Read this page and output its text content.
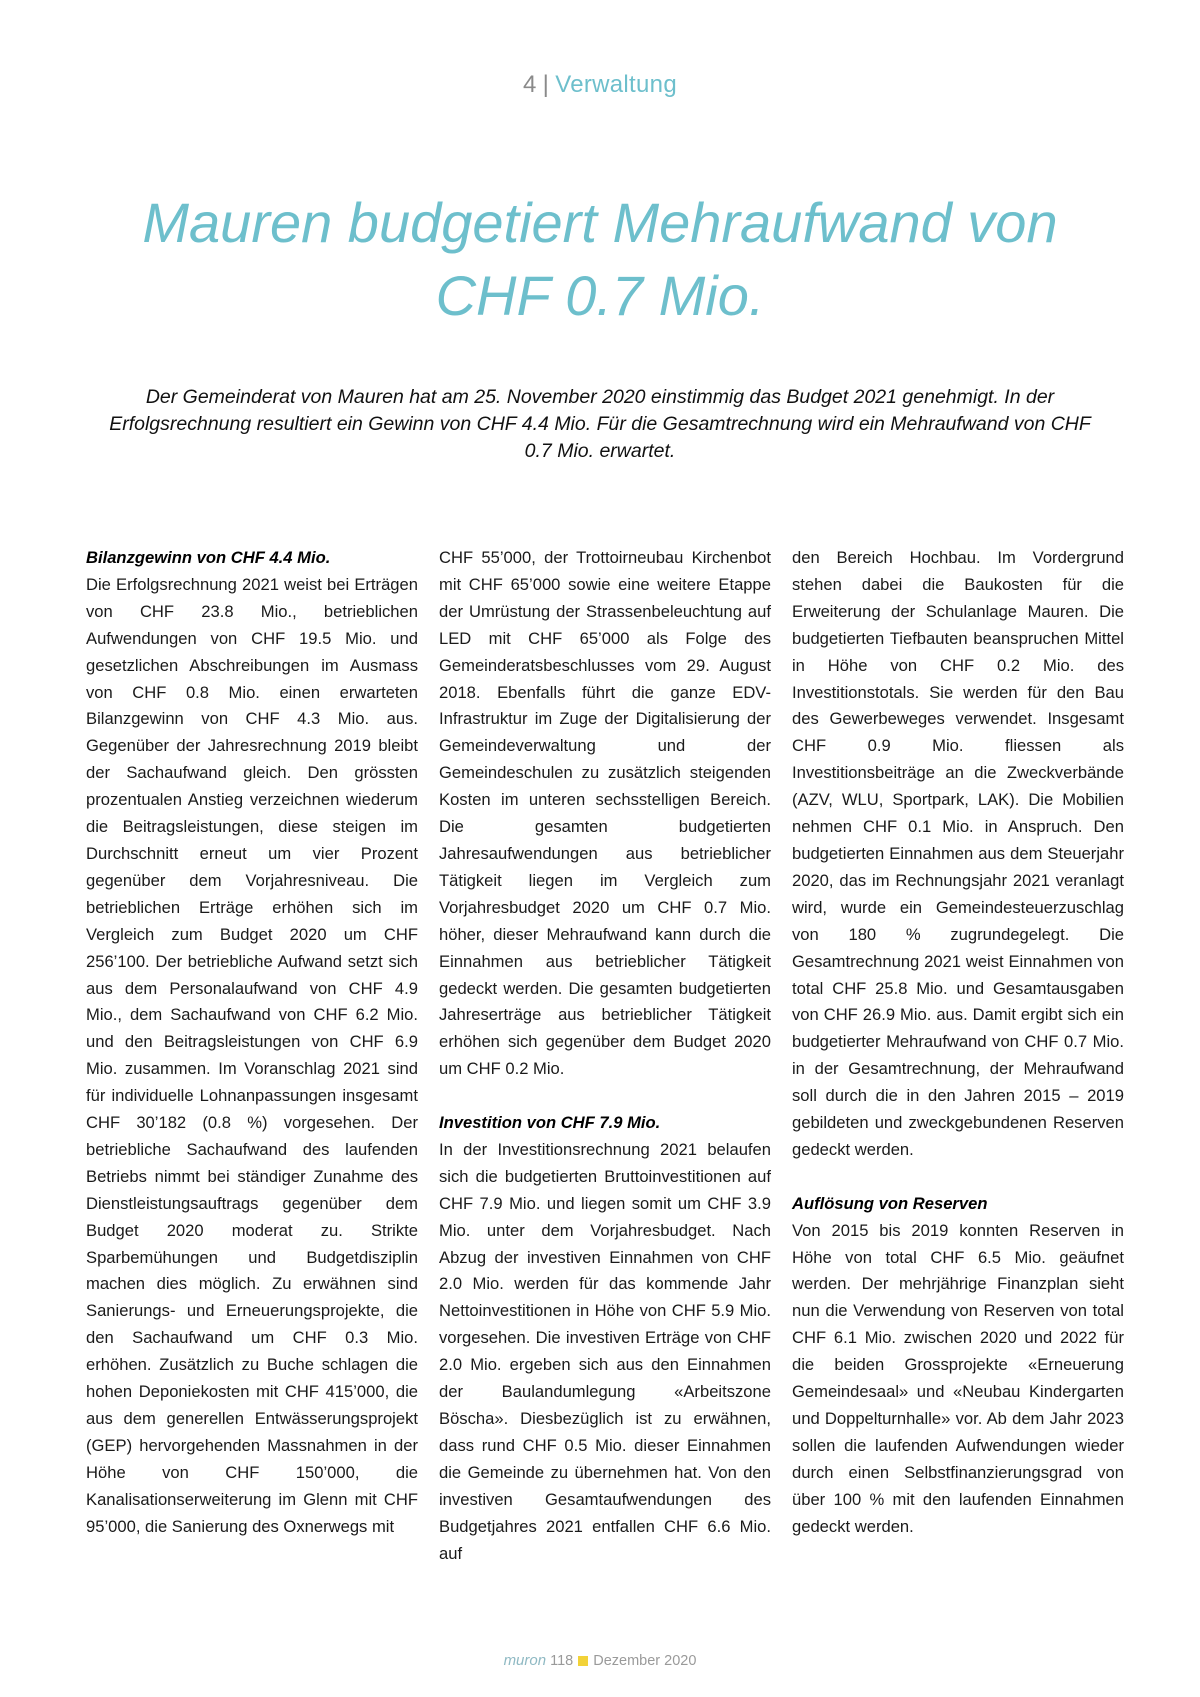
4 | Verwaltung
Mauren budgetiert Mehraufwand von CHF 0.7 Mio.

Der Gemeinderat von Mauren hat am 25. November 2020 einstimmig das Budget 2021 genehmigt. In der Erfolgsrechnung resultiert ein Gewinn von CHF 4.4 Mio. Für die Gesamtrechnung wird ein Mehraufwand von CHF 0.7 Mio. erwartet.

Bilanzgewinn von CHF 4.4 Mio.

Die Erfolgsrechnung 2021 weist bei Erträgen von CHF 23.8 Mio., betrieblichen Aufwendungen von CHF 19.5 Mio. und gesetzlichen Abschreibungen im Ausmass von CHF 0.8 Mio. einen erwarteten Bilanzgewinn von CHF 4.3 Mio. aus. Gegenüber der Jahresrechnung 2019 bleibt der Sachaufwand gleich. Den grössten prozentualen Anstieg verzeichnen wiederum die Beitragsleistungen, diese steigen im Durchschnitt erneut um vier Prozent gegenüber dem Vorjahresniveau. Die betrieblichen Erträge erhöhen sich im Vergleich zum Budget 2020 um CHF 256’100. Der betriebliche Aufwand setzt sich aus dem Personalaufwand von CHF 4.9 Mio., dem Sachaufwand von CHF 6.2 Mio. und den Beitragsleistungen von CHF 6.9 Mio. zusammen. Im Voranschlag 2021 sind für individuelle Lohnanpassungen insgesamt CHF 30’182 (0.8 %) vorgesehen. Der betriebliche Sachaufwand des laufenden Betriebs nimmt bei ständiger Zunahme des Dienstleistungsauftrags gegenüber dem Budget 2020 moderat zu. Strikte Sparbemühungen und Budgetdisziplin machen dies möglich. Zu erwähnen sind Sanierungs- und Erneuerungsprojekte, die den Sachaufwand um CHF 0.3 Mio. erhöhen. Zusätzlich zu Buche schlagen die hohen Deponiekosten mit CHF 415’000, die aus dem generellen Entwässerungsprojekt (GEP) hervorgehenden Massnahmen in der Höhe von CHF 150’000, die Kanalisationserweiterung im Glenn mit CHF 95’000, die Sanierung des Oxnerwegs mit

CHF 55’000, der Trottoirneubau Kirchenbot mit CHF 65’000 sowie eine weitere Etappe der Umrüstung der Strassenbeleuchtung auf LED mit CHF 65’000 als Folge des Gemeinderatsbeschlusses vom 29. August 2018. Ebenfalls führt die ganze EDV-Infrastruktur im Zuge der Digitalisierung der Gemeindeverwaltung und der Gemeindeschulen zu zusätzlich steigenden Kosten im unteren sechsstelligen Bereich. Die gesamten budgetierten Jahresaufwendungen aus betrieblicher Tätigkeit liegen im Vergleich zum Vorjahresbudget 2020 um CHF 0.7 Mio. höher, dieser Mehraufwand kann durch die Einnahmen aus betrieblicher Tätigkeit gedeckt werden. Die gesamten budgetierten Jahreserträge aus betrieblicher Tätigkeit erhöhen sich gegenüber dem Budget 2020 um CHF 0.2 Mio.

Investition von CHF 7.9 Mio.

In der Investitionsrechnung 2021 belaufen sich die budgetierten Bruttoinvestitionen auf CHF 7.9 Mio. und liegen somit um CHF 3.9 Mio. unter dem Vorjahresbudget. Nach Abzug der investiven Einnahmen von CHF 2.0 Mio. werden für das kommende Jahr Nettoinvestitionen in Höhe von CHF 5.9 Mio. vorgesehen. Die investiven Erträge von CHF 2.0 Mio. ergeben sich aus den Einnahmen der Baulandumlegung «Arbeitszone Böscha». Diesbezüglich ist zu erwähnen, dass rund CHF 0.5 Mio. dieser Einnahmen die Gemeinde zu übernehmen hat. Von den investiven Gesamtaufwendungen des Budgetjahres 2021 entfallen CHF 6.6 Mio. auf

den Bereich Hochbau. Im Vordergrund stehen dabei die Baukosten für die Erweiterung der Schulanlage Mauren. Die budgetierten Tiefbauten beanspruchen Mittel in Höhe von CHF 0.2 Mio. des Investitionstotals. Sie werden für den Bau des Gewerbeweges verwendet. Insgesamt CHF 0.9 Mio. fliessen als Investitionsbeiträge an die Zweckverbände (AZV, WLU, Sportpark, LAK). Die Mobilien nehmen CHF 0.1 Mio. in Anspruch. Den budgetierten Einnahmen aus dem Steuerjahr 2020, das im Rechnungsjahr 2021 veranlagt wird, wurde ein Gemeindesteuerzuschlag von 180 % zugrundegelegt. Die Gesamtrechnung 2021 weist Einnahmen von total CHF 25.8 Mio. und Gesamtausgaben von CHF 26.9 Mio. aus. Damit ergibt sich ein budgetierter Mehraufwand von CHF 0.7 Mio. in der Gesamtrechnung, der Mehraufwand soll durch die in den Jahren 2015 – 2019 gebildeten und zweckgebundenen Reserven gedeckt werden.

Auflösung von Reserven

Von 2015 bis 2019 konnten Reserven in Höhe von total CHF 6.5 Mio. geäufnet werden. Der mehrjährige Finanzplan sieht nun die Verwendung von Reserven von total CHF 6.1 Mio. zwischen 2020 und 2022 für die beiden Grossprojekte «Erneuerung Gemeindesaal» und «Neubau Kindergarten und Doppelturnhalle» vor. Ab dem Jahr 2023 sollen die laufenden Aufwendungen wieder durch einen Selbstfinanzierungsgrad von über 100 % mit den laufenden Einnahmen gedeckt werden.

muron 118 Dezember 2020
